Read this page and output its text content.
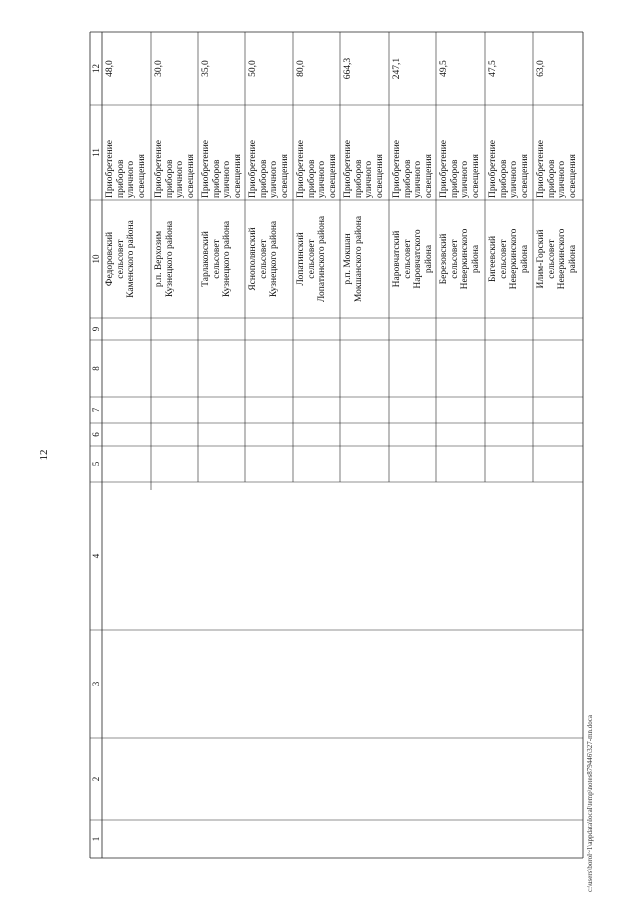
12
1
2
3
4
5
6
7
8
9
10
11
12
Федоровский
сельсовет
Каменского района
Приобретение
приборов
уличного
освещения
48,0
р.п. Верхозим
Кузнецкого района
Приобретение
приборов
уличного
освещения
30,0
Тарлаковский
сельсовет
Кузнецкого района
Приобретение
приборов
уличного
освещения
35,0
Яснополянский
сельсовет
Кузнецкого района
Приобретение
приборов
уличного
освещения
50,0
Лопатинский
сельсовет
Лопатинского района
Приобретение
приборов
уличного
освещения
80,0
р.п. Мокшан
Мокшанского района
Приобретение
приборов
уличного
освещения
664,3
Наровчатский
сельсовет
Наровчатского
района
Приобретение
приборов
уличного
освещения
247,1
Березовский
сельсовет
Неверкинского
района
Приобретение
приборов
уличного
освещения
49,5
Бигеевский
сельсовет
Неверкинского
района
Приобретение
приборов
уличного
освещения
47,5
Илим-Горский
сельсовет
Неверкинского
района
Приобретение
приборов
уличного
освещения
63,0
c:\users\borol~1\appdata\local\temp\notes879446\327-mn.doca
